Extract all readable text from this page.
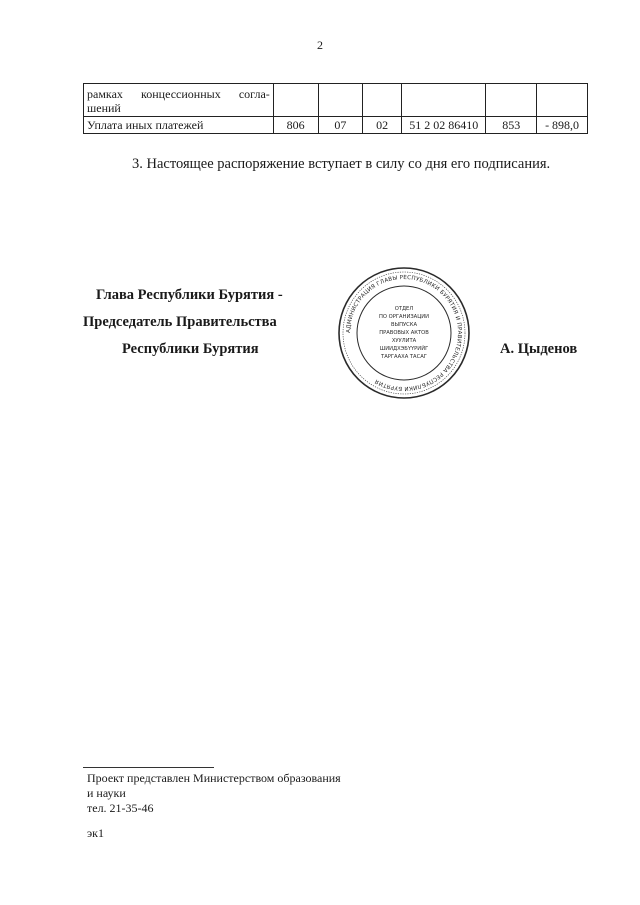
2
рамках концессионных согла-
шений						

Уплата иных платежей	806	07	02	51 2 02 86410	853	- 898,0
3. Настоящее распоряжение вступает в силу со дня его подписания.
Глава Республики Бурятия -
Председатель Правительства
Республики Бурятия	А. Цыденов
АДМИНИСТРАЦИЯ ГЛАВЫ РЕСПУБЛИКИ БУРЯТИЯ И ПРАВИТЕЛЬСТВА РЕСПУБЛИКИ БУРЯТИЯ
ОТДЕЛ
ПО ОРГАНИЗАЦИИ
ВЫПУСКА
ПРАВОВЫХ АКТОВ
ХУУЛИТА
ШИИДХЭБҮҮРИЙГ
ТАРГААХА ТАСАГ
Проект представлен Министерством образования
и науки
тел. 21-35-46
эк1
